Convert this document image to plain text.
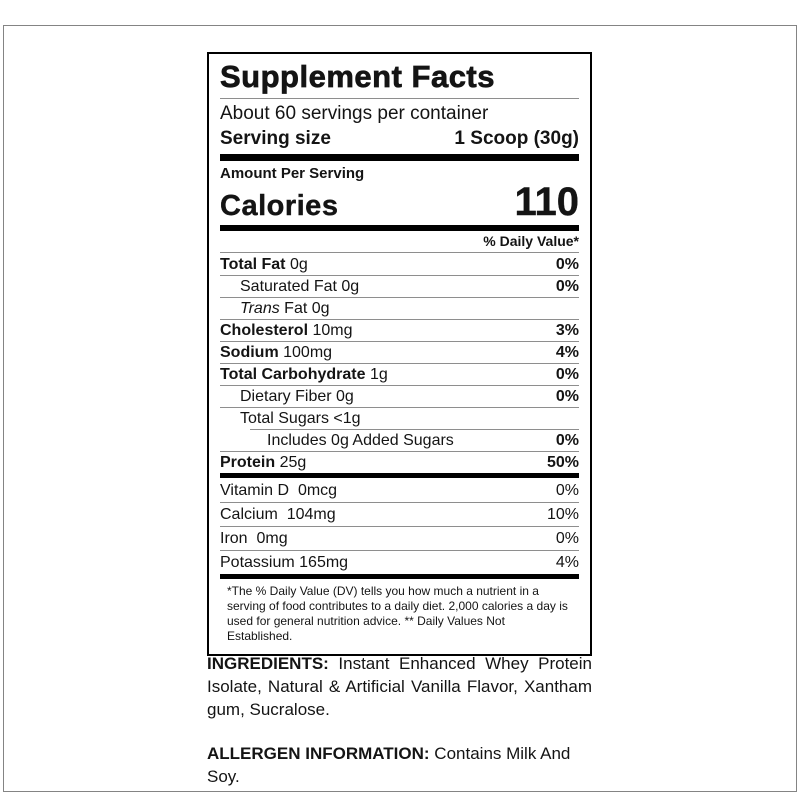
Supplement Facts
About 60 servings per container
Serving size	1 Scoop (30g)
Amount Per Serving
Calories	110
% Daily Value*
Total Fat 0g	0%
Saturated Fat 0g	0%
Trans Fat 0g
Cholesterol 10mg	3%
Sodium 100mg	4%
Total Carbohydrate 1g	0%
Dietary Fiber 0g	0%
Total Sugars <1g
Includes 0g Added Sugars	0%
Protein 25g	50%
Vitamin D 0mcg	0%
Calcium 104mg	10%
Iron 0mg	0%
Potassium 165mg	4%
*The % Daily Value (DV) tells you how much a nutrient in a serving of food contributes to a daily diet. 2,000 calories a day is used for general nutrition advice. ** Daily Values Not Established.

INGREDIENTS: Instant Enhanced Whey Protein Isolate, Natural & Artificial Vanilla Flavor, Xantham gum, Sucralose.

ALLERGEN INFORMATION: Contains Milk And Soy.
